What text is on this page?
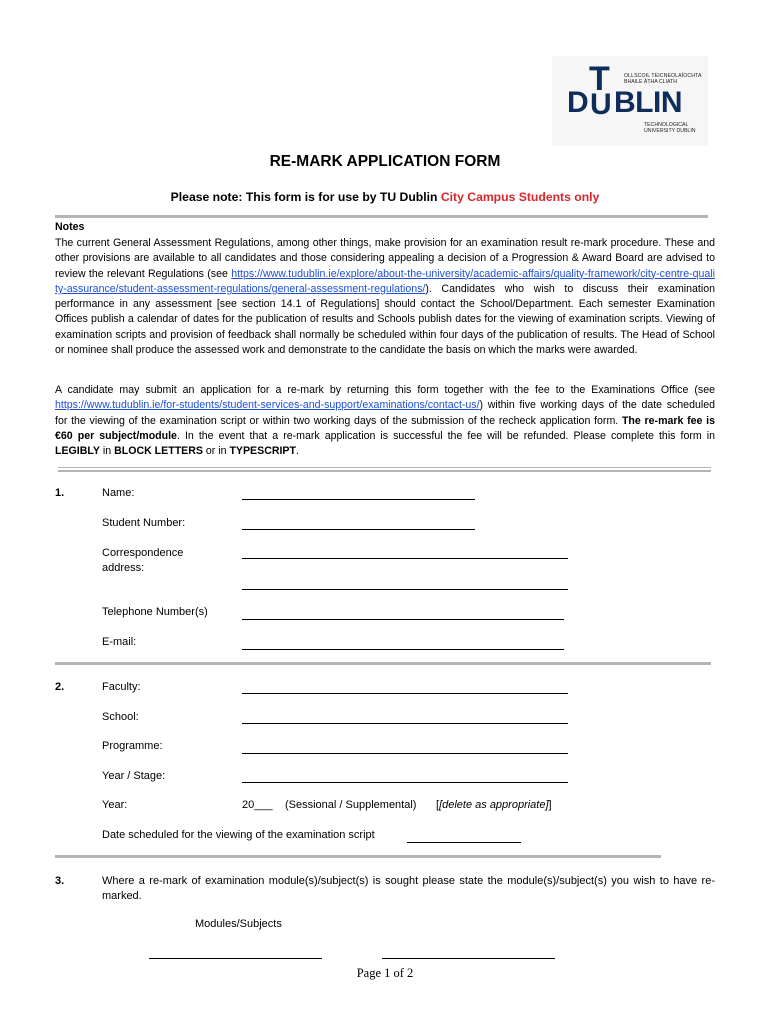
OLLSCOIL TEICNEOLAÍOCHTA
BHAILE ÁTHA CLIATH
T
D U BLIN
TECHNOLOGICAL
UNIVERSITY DUBLIN
RE-MARK APPLICATION FORM
Please note: This form is for use by TU Dublin City Campus Students only
Notes
The current General Assessment Regulations, among other things, make provision for an examination result re-mark procedure. These and other provisions are available to all candidates and those considering appealing a decision of a Progression & Award Board are advised to review the relevant Regulations (see https://www.tudublin.ie/explore/about-the-university/academic-affairs/quality-framework/city-centre-quality-assurance/student-assessment-regulations/general-assessment-regulations/). Candidates who wish to discuss their examination performance in any assessment [see section 14.1 of Regulations] should contact the School/Department. Each semester Examination Offices publish a calendar of dates for the publication of results and Schools publish dates for the viewing of examination scripts. Viewing of examination scripts and provision of feedback shall normally be scheduled within four days of the publication of results. The Head of School or nominee shall produce the assessed work and demonstrate to the candidate the basis on which the marks were awarded.
A candidate may submit an application for a re-mark by returning this form together with the fee to the Examinations Office (see https://www.tudublin.ie/for-students/student-services-and-support/examinations/contact-us/) within five working days of the date scheduled for the viewing of the examination script or within two working days of the submission of the recheck application form. The re-mark fee is €60 per subject/module. In the event that a re-mark application is successful the fee will be refunded. Please complete this form in LEGIBLY in BLOCK LETTERS or in TYPESCRIPT.
1.	Name:
Student Number:
Correspondence
address:
Telephone Number(s)
E-mail:
2.	Faculty:
School:
Programme:
Year / Stage:
Year:	20___ (Sessional / Supplemental) [[delete as appropriate]]
Date scheduled for the viewing of the examination script
3.	Where a re-mark of examination module(s)/subject(s) is sought please state the module(s)/subject(s) you wish to have re-marked.
Modules/Subjects
Page 1 of 2
